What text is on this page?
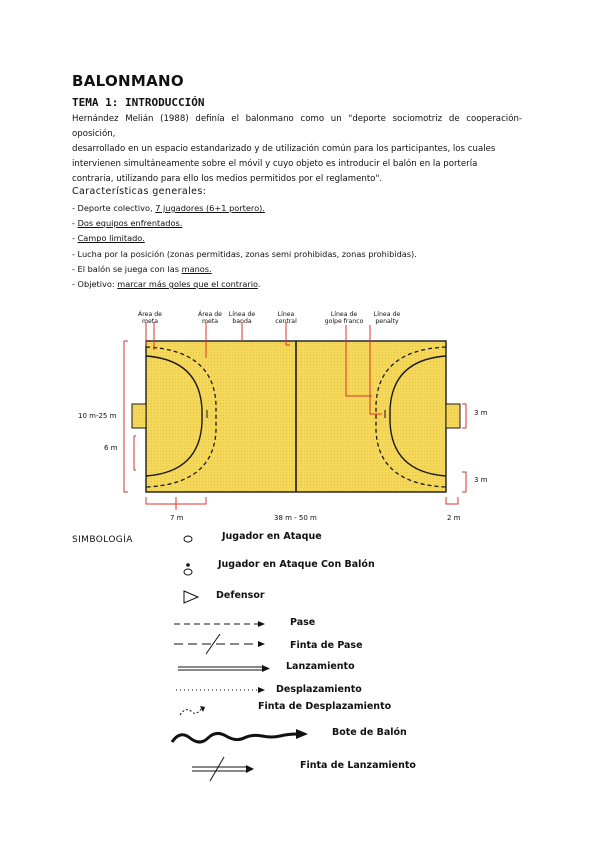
BALONMANO
TEMA 1: INTRODUCCIÓN
Hernández Melián (1988) definía el balonmano como un "deporte sociomotriz de cooperación-oposición,
desarrollado en un espacio estandarizado y de utilización común para los participantes, los cuales
intervienen simultáneamente sobre el móvil y cuyo objeto es introducir el balón en la portería
contraria, utilizando para ello los medios permitidos por el reglamento".
Características generales:
- Deporte colectivo, 7 jugadores (6+1 portero).
- Dos equipos enfrentados.
- Campo limitado.
- Lucha por la posición (zonas permitidas, zonas semi prohibidas, zonas prohibidas).
- El balón se juega con las manos.
- Objetivo: marcar más goles que el contrario.
Área de
meta
Área de
meta
Línea de
banda
Línea
central
Línea de
golpe franco
Línea de
penalty
10 m-25 m
6 m
7 m	38 m - 50 m	2 m
3 m
3 m
SIMBOLOGÍA	Jugador en Ataque
Jugador en Ataque Con Balón
Defensor
Pase
Finta de Pase
Lanzamiento
Desplazamiento
Finta de Desplazamiento
Bote de Balón
Finta de Lanzamiento
